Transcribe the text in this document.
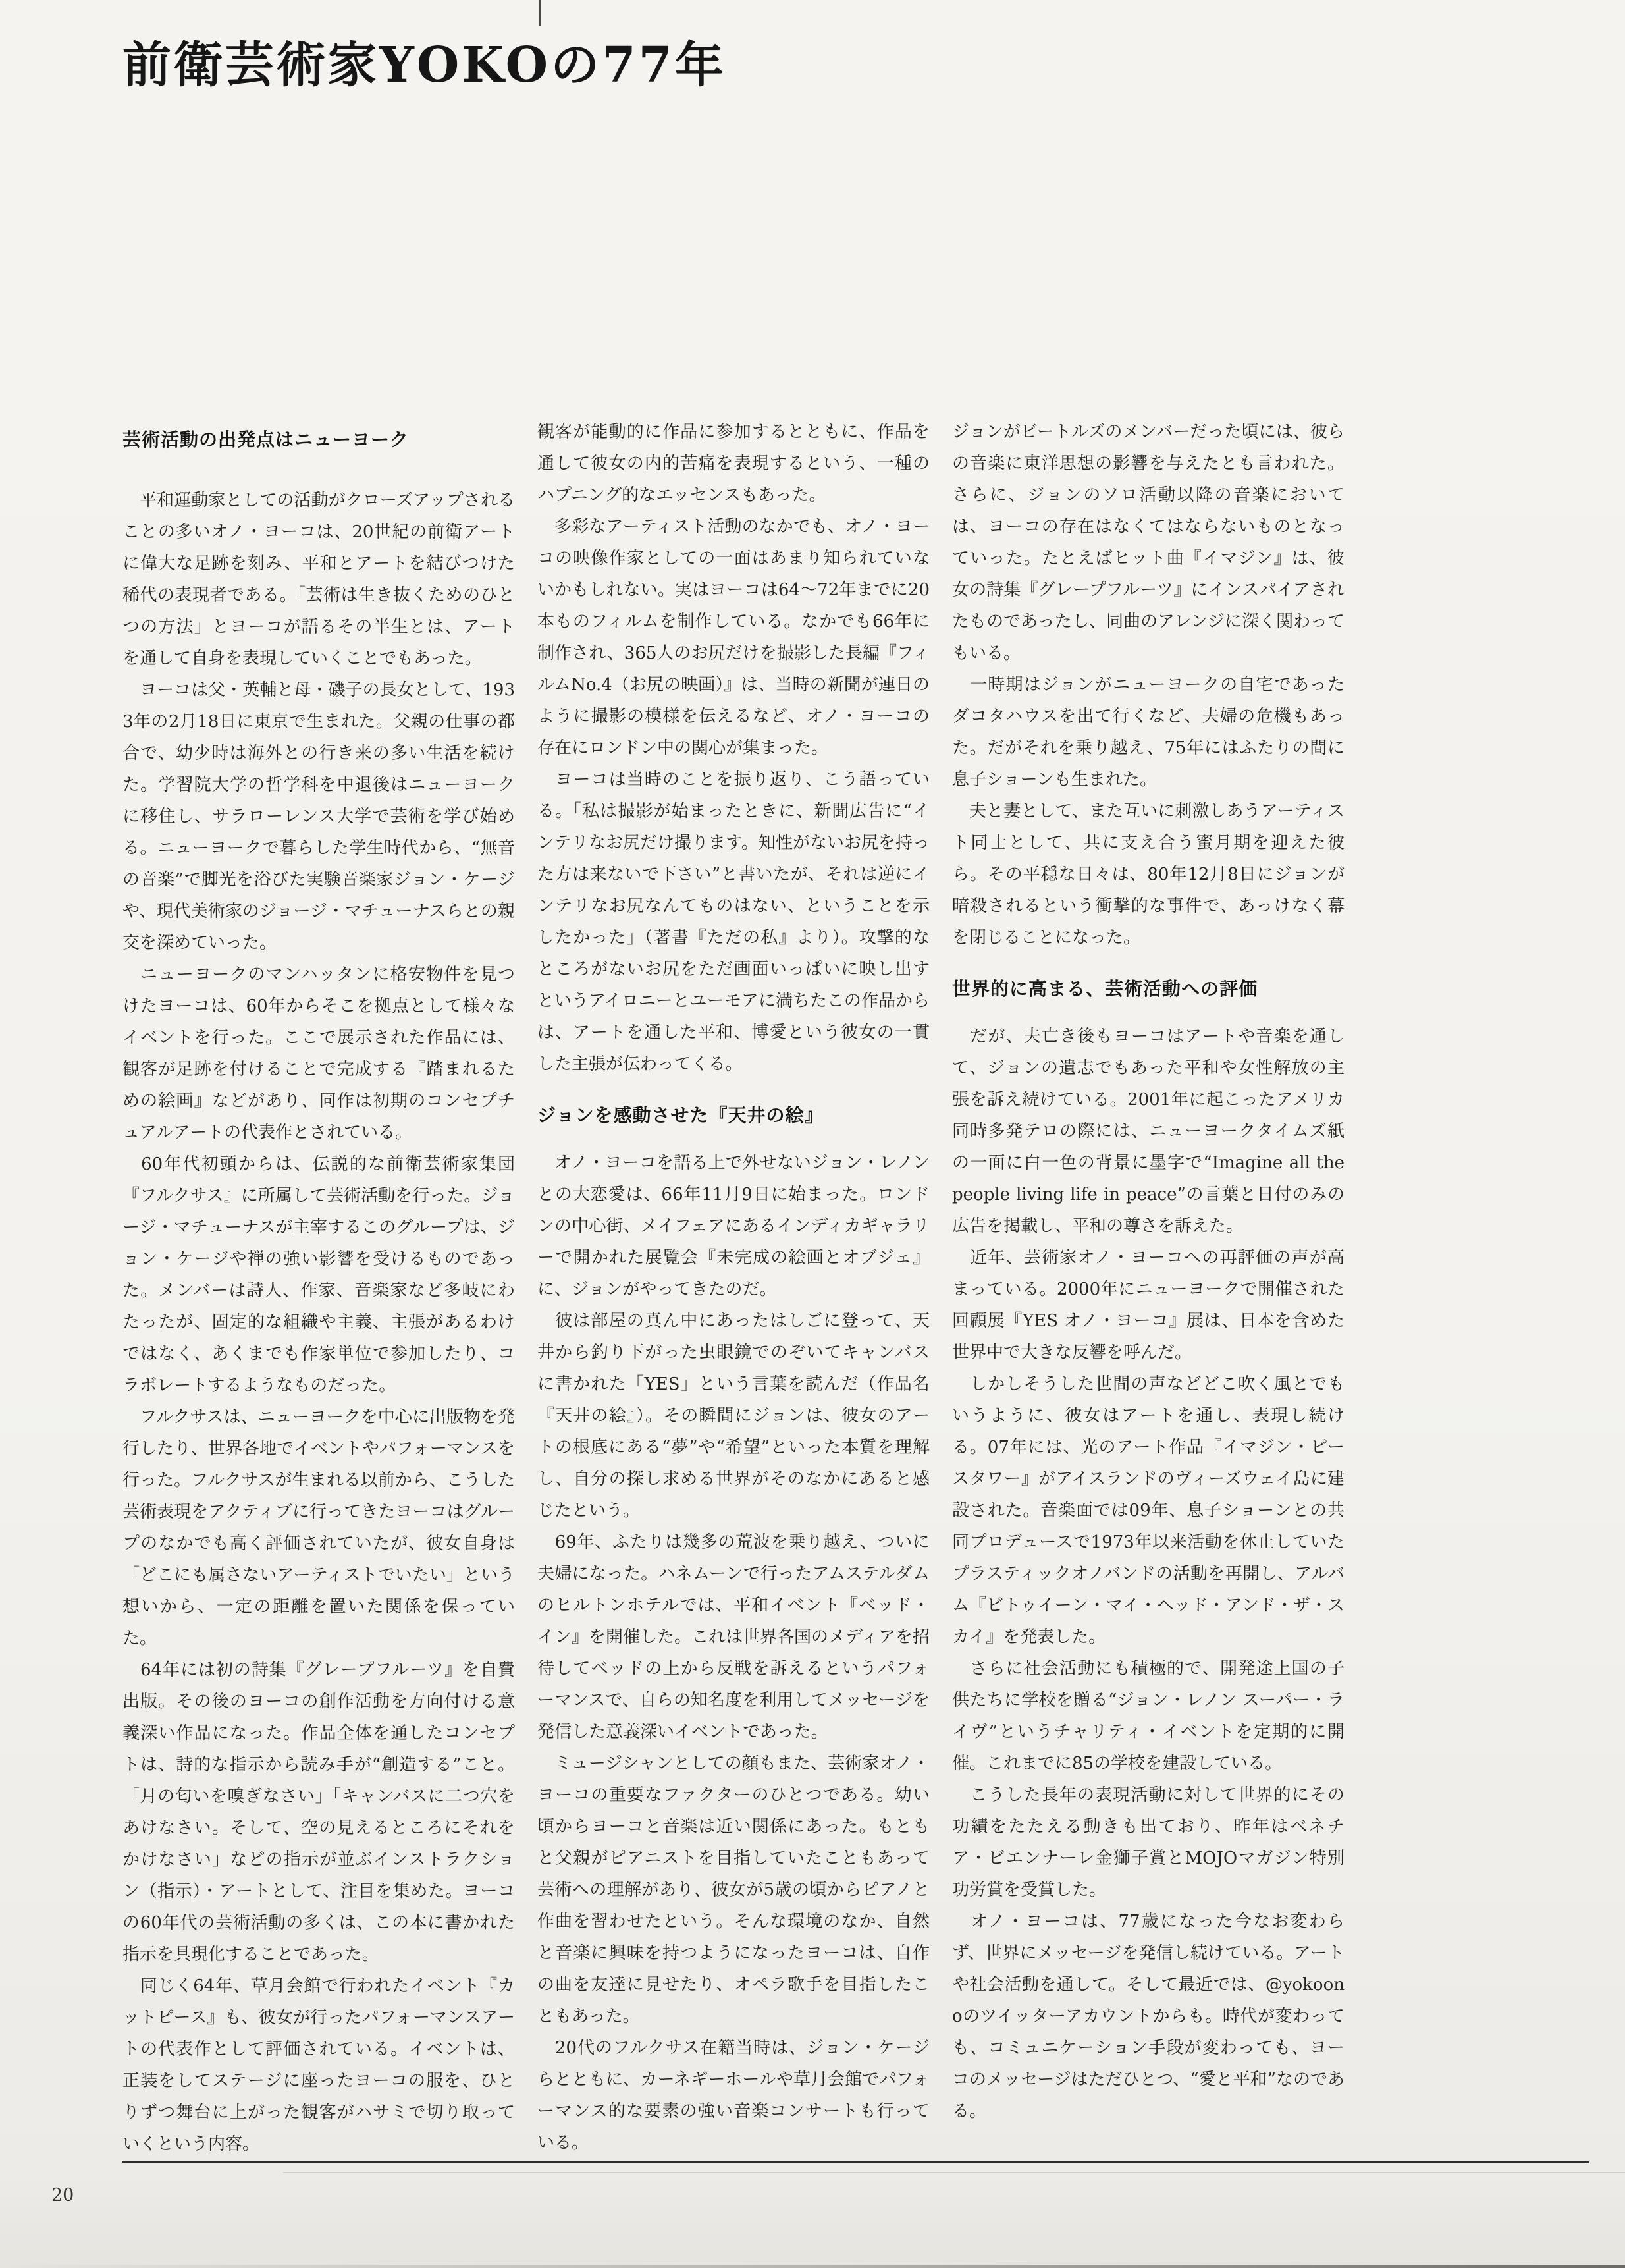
前衛芸術家YOKOの77年
芸術活動の出発点はニューヨーク

　平和運動家としての活動がクローズアップされることの多いオノ・ヨーコは、20世紀の前衛アートに偉大な足跡を刻み、平和とアートを結びつけた稀代の表現者である。「芸術は生き抜くためのひとつの方法」とヨーコが語るその半生とは、アートを通して自身を表現していくことでもあった。

　ヨーコは父・英輔と母・磯子の長女として、1933年の2月18日に東京で生まれた。父親の仕事の都合で、幼少時は海外との行き来の多い生活を続けた。学習院大学の哲学科を中退後はニューヨークに移住し、サラローレンス大学で芸術を学び始める。ニューヨークで暮らした学生時代から、“無音の音楽”で脚光を浴びた実験音楽家ジョン・ケージや、現代美術家のジョージ・マチューナスらとの親交を深めていった。

　ニューヨークのマンハッタンに格安物件を見つけたヨーコは、60年からそこを拠点として様々なイベントを行った。ここで展示された作品には、観客が足跡を付けることで完成する『踏まれるための絵画』などがあり、同作は初期のコンセプチュアルアートの代表作とされている。

　60年代初頭からは、伝説的な前衛芸術家集団『フルクサス』に所属して芸術活動を行った。ジョージ・マチューナスが主宰するこのグループは、ジョン・ケージや禅の強い影響を受けるものであった。メンバーは詩人、作家、音楽家など多岐にわたったが、固定的な組織や主義、主張があるわけではなく、あくまでも作家単位で参加したり、コラボレートするようなものだった。

　フルクサスは、ニューヨークを中心に出版物を発行したり、世界各地でイベントやパフォーマンスを行った。フルクサスが生まれる以前から、こうした芸術表現をアクティブに行ってきたヨーコはグループのなかでも高く評価されていたが、彼女自身は「どこにも属さないアーティストでいたい」という想いから、一定の距離を置いた関係を保っていた。

　64年には初の詩集『グレープフルーツ』を自費出版。その後のヨーコの創作活動を方向付ける意義深い作品になった。作品全体を通したコンセプトは、詩的な指示から読み手が“創造する”こと。「月の匂いを嗅ぎなさい」「キャンバスに二つ穴をあけなさい。そして、空の見えるところにそれをかけなさい」などの指示が並ぶインストラクション（指示）・アートとして、注目を集めた。ヨーコの60年代の芸術活動の多くは、この本に書かれた指示を具現化することであった。

　同じく64年、草月会館で行われたイベント『カットピース』も、彼女が行ったパフォーマンスアートの代表作として評価されている。イベントは、正装をしてステージに座ったヨーコの服を、ひとりずつ舞台に上がった観客がハサミで切り取っていくという内容。

観客が能動的に作品に参加するとともに、作品を通して彼女の内的苦痛を表現するという、一種のハプニング的なエッセンスもあった。

　多彩なアーティスト活動のなかでも、オノ・ヨーコの映像作家としての一面はあまり知られていないかもしれない。実はヨーコは64〜72年までに20本ものフィルムを制作している。なかでも66年に制作され、365人のお尻だけを撮影した長編『フィルムNo.4（お尻の映画）』は、当時の新聞が連日のように撮影の模様を伝えるなど、オノ・ヨーコの存在にロンドン中の関心が集まった。

　ヨーコは当時のことを振り返り、こう語っている。「私は撮影が始まったときに、新聞広告に“インテリなお尻だけ撮ります。知性がないお尻を持った方は来ないで下さい”と書いたが、それは逆にインテリなお尻なんてものはない、ということを示したかった」（著書『ただの私』より）。攻撃的なところがないお尻をただ画面いっぱいに映し出すというアイロニーとユーモアに満ちたこの作品からは、アートを通した平和、博愛という彼女の一貫した主張が伝わってくる。

ジョンを感動させた『天井の絵』

　オノ・ヨーコを語る上で外せないジョン・レノンとの大恋愛は、66年11月9日に始まった。ロンドンの中心街、メイフェアにあるインディカギャラリーで開かれた展覧会『未完成の絵画とオブジェ』に、ジョンがやってきたのだ。

　彼は部屋の真ん中にあったはしごに登って、天井から釣り下がった虫眼鏡でのぞいてキャンバスに書かれた「YES」という言葉を読んだ（作品名『天井の絵』）。その瞬間にジョンは、彼女のアートの根底にある“夢”や“希望”といった本質を理解し、自分の探し求める世界がそのなかにあると感じたという。

　69年、ふたりは幾多の荒波を乗り越え、ついに夫婦になった。ハネムーンで行ったアムステルダムのヒルトンホテルでは、平和イベント『ベッド・イン』を開催した。これは世界各国のメディアを招待してベッドの上から反戦を訴えるというパフォーマンスで、自らの知名度を利用してメッセージを発信した意義深いイベントであった。

　ミュージシャンとしての顔もまた、芸術家オノ・ヨーコの重要なファクターのひとつである。幼い頃からヨーコと音楽は近い関係にあった。もともと父親がピアニストを目指していたこともあって芸術への理解があり、彼女が5歳の頃からピアノと作曲を習わせたという。そんな環境のなか、自然と音楽に興味を持つようになったヨーコは、自作の曲を友達に見せたり、オペラ歌手を目指したこともあった。

　20代のフルクサス在籍当時は、ジョン・ケージらとともに、カーネギーホールや草月会館でパフォーマンス的な要素の強い音楽コンサートも行っている。

ジョンがビートルズのメンバーだった頃には、彼らの音楽に東洋思想の影響を与えたとも言われた。さらに、ジョンのソロ活動以降の音楽においては、ヨーコの存在はなくてはならないものとなっていった。たとえばヒット曲『イマジン』は、彼女の詩集『グレープフルーツ』にインスパイアされたものであったし、同曲のアレンジに深く関わってもいる。

　一時期はジョンがニューヨークの自宅であったダコタハウスを出て行くなど、夫婦の危機もあった。だがそれを乗り越え、75年にはふたりの間に息子ショーンも生まれた。

　夫と妻として、また互いに刺激しあうアーティスト同士として、共に支え合う蜜月期を迎えた彼ら。その平穏な日々は、80年12月8日にジョンが暗殺されるという衝撃的な事件で、あっけなく幕を閉じることになった。

世界的に高まる、芸術活動への評価

　だが、夫亡き後もヨーコはアートや音楽を通して、ジョンの遺志でもあった平和や女性解放の主張を訴え続けている。2001年に起こったアメリカ同時多発テロの際には、ニューヨークタイムズ紙の一面に白一色の背景に墨字で“Imagine all the people living life in peace”の言葉と日付のみの広告を掲載し、平和の尊さを訴えた。

　近年、芸術家オノ・ヨーコへの再評価の声が高まっている。2000年にニューヨークで開催された回顧展『YES オノ・ヨーコ』展は、日本を含めた世界中で大きな反響を呼んだ。

　しかしそうした世間の声などどこ吹く風とでもいうように、彼女はアートを通し、表現し続ける。07年には、光のアート作品『イマジン・ピースタワー』がアイスランドのヴィーズウェイ島に建設された。音楽面では09年、息子ショーンとの共同プロデュースで1973年以来活動を休止していたプラスティックオノバンドの活動を再開し、アルバム『ビトゥイーン・マイ・ヘッド・アンド・ザ・スカイ』を発表した。

　さらに社会活動にも積極的で、開発途上国の子供たちに学校を贈る“ジョン・レノン スーパー・ライヴ”というチャリティ・イベントを定期的に開催。これまでに85の学校を建設している。

　こうした長年の表現活動に対して世界的にその功績をたたえる動きも出ており、昨年はベネチア・ビエンナーレ金獅子賞とMOJOマガジン特別功労賞を受賞した。

　オノ・ヨーコは、77歳になった今なお変わらず、世界にメッセージを発信し続けている。アートや社会活動を通して。そして最近では、@yokoonoのツイッターアカウントからも。時代が変わっても、コミュニケーション手段が変わっても、ヨーコのメッセージはただひとつ、“愛と平和”なのである。

20
